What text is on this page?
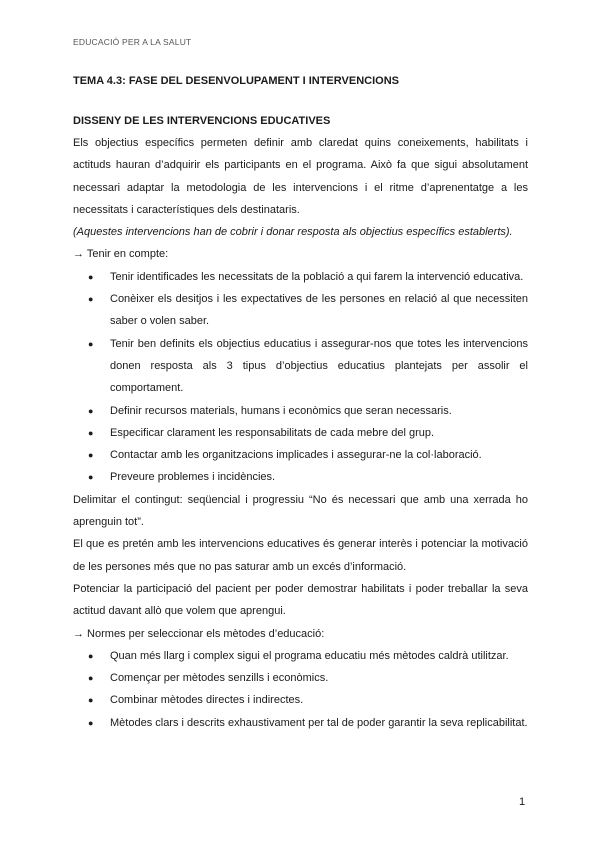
EDUCACIÓ PER A LA SALUT
TEMA 4.3: FASE DEL DESENVOLUPAMENT I INTERVENCIONS
DISSENY DE LES INTERVENCIONS EDUCATIVES

Els objectius específics permeten definir amb claredat quins coneixements, habilitats i actituds hauran d’adquirir els participants en el programa. Això fa que sigui absolutament necessari adaptar la metodologia de les intervencions i el ritme d’aprenentatge a les necessitats i característiques dels destinataris.

(Aquestes intervencions han de cobrir i donar resposta als objectius específics establerts).

→ Tenir en compte:

● Tenir identificades les necessitats de la població a qui farem la intervenció educativa.
● Conèixer els desitjos i les expectatives de les persones en relació al que necessiten saber o volen saber.
● Tenir ben definits els objectius educatius i assegurar-nos que totes les intervencions donen resposta als 3 tipus d’objectius educatius plantejats per assolir el comportament.
● Definir recursos materials, humans i econòmics que seran necessaris.
● Especificar clarament les responsabilitats de cada mebre del grup.
● Contactar amb les organitzacions implicades i assegurar-ne la col·laboració.
● Preveure problemes i incidències.

Delimitar el contingut: seqüencial i progressiu “No és necessari que amb una xerrada ho aprenguin tot”.

El que es pretén amb les intervencions educatives és generar interès i potenciar la motivació de les persones més que no pas saturar amb un excés d’informació.

Potenciar la participació del pacient per poder demostrar habilitats i poder treballar la seva actitud davant allò que volem que aprengui.

→ Normes per seleccionar els mètodes d’educació:

● Quan més llarg i complex sigui el programa educatiu més mètodes caldrà utilitzar.
● Començar per mètodes senzills i econòmics.
● Combinar mètodes directes i indirectes.
● Mètodes clars i descrits exhaustivament per tal de poder garantir la seva replicabilitat.
1
